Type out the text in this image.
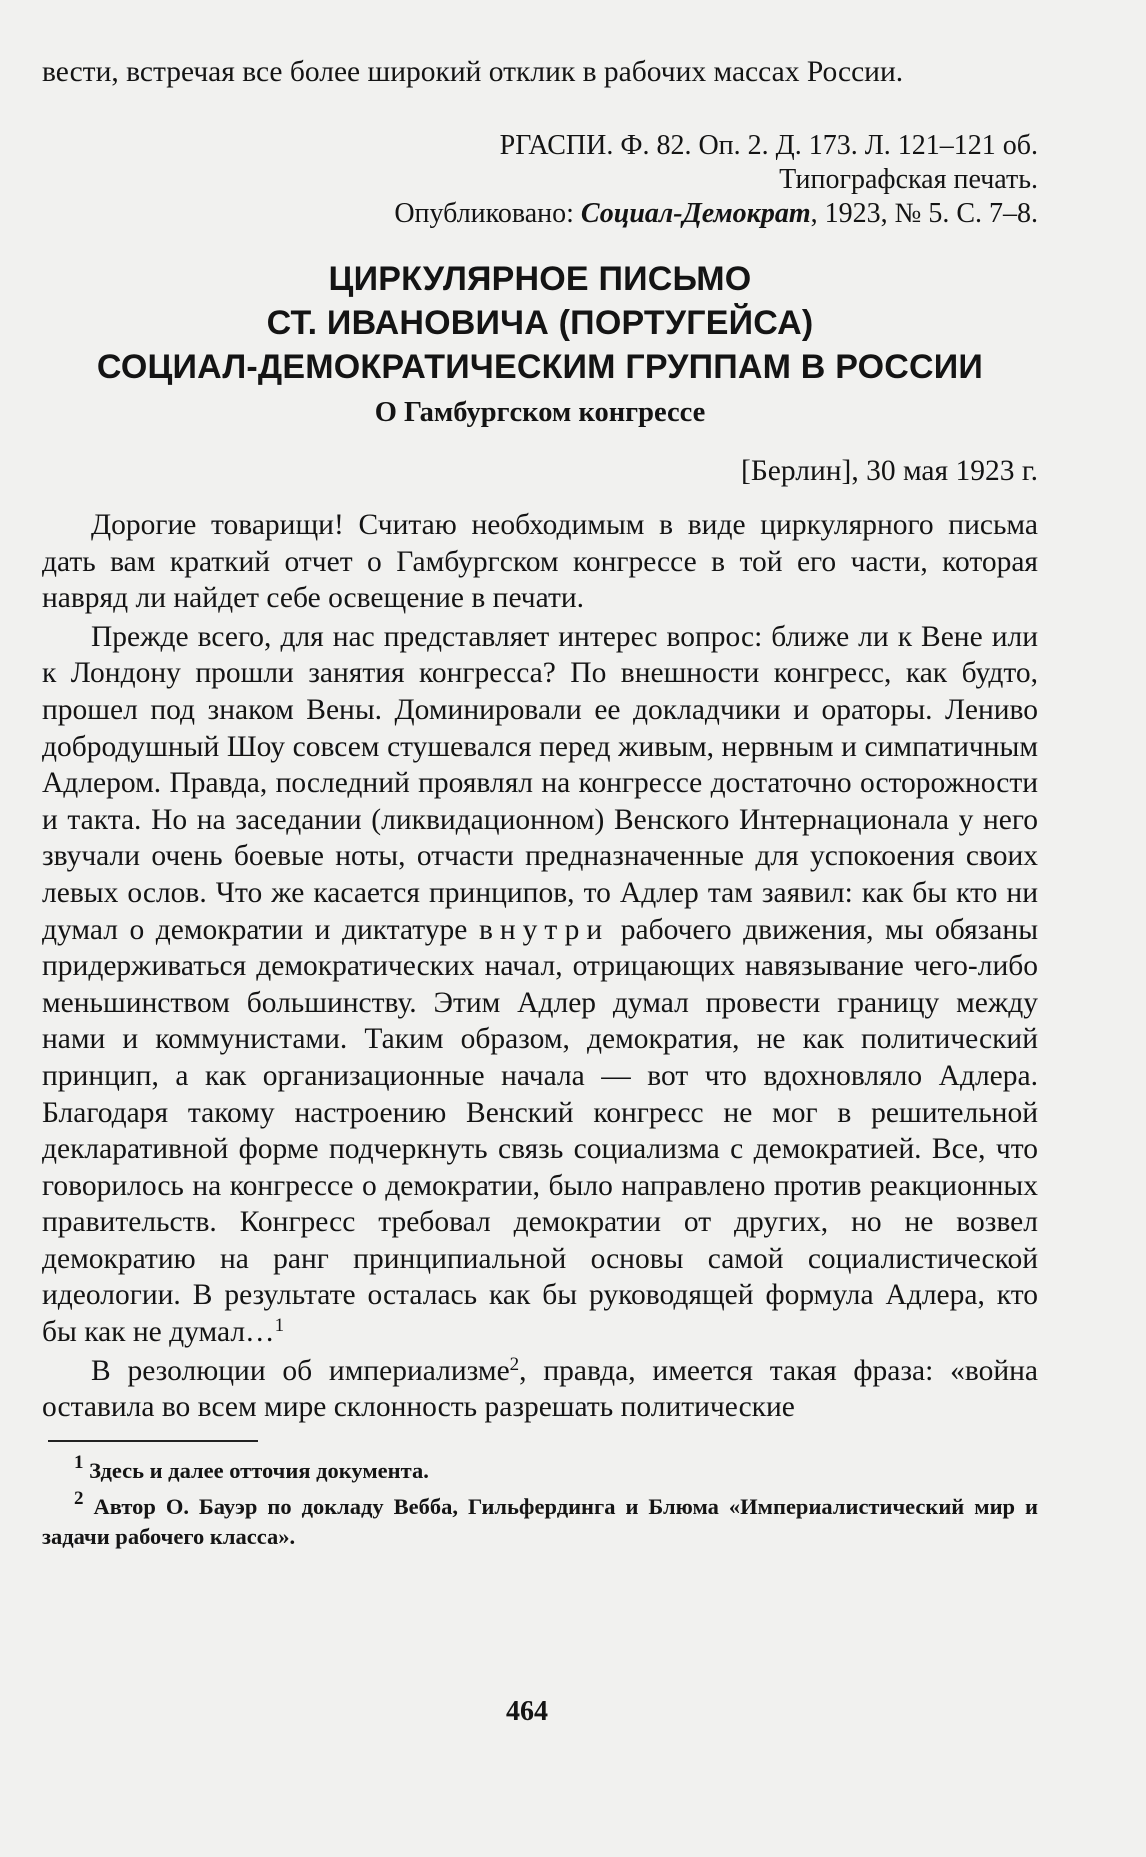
вести, встречая все более широкий отклик в рабочих массах России.

РГАСПИ. Ф. 82. Оп. 2. Д. 173. Л. 121–121 об.
Типографская печать.
Опубликовано: Социал-Демократ, 1923, № 5. С. 7–8.
ЦИРКУЛЯРНОЕ ПИСЬМО
СТ. ИВАНОВИЧА (ПОРТУГЕЙСА)
СОЦИАЛ-ДЕМОКРАТИЧЕСКИМ ГРУППАМ В РОССИИ
О Гамбургском конгрессе
[Берлин], 30 мая 1923 г.

Дорогие товарищи! Считаю необходимым в виде циркулярного письма дать вам краткий отчет о Гамбургском конгрессе в той его части, которая навряд ли найдет себе освещение в печати.

Прежде всего, для нас представляет интерес вопрос: ближе ли к Вене или к Лондону прошли занятия конгресса? По внешности конгресс, как будто, прошел под знаком Вены. Доминировали ее докладчики и ораторы. Лениво добродушный Шоу совсем стушевался перед живым, нервным и симпатичным Адлером. Правда, последний проявлял на конгрессе достаточно осторожности и такта. Но на заседании (ликвидационном) Венского Интернационала у него звучали очень боевые ноты, отчасти предназначенные для успокоения своих левых ослов. Что же касается принципов, то Адлер там заявил: как бы кто ни думал о демократии и диктатуре внутри рабочего движения, мы обязаны придерживаться демократических начал, отрицающих навязывание чего-либо меньшинством большинству. Этим Адлер думал провести границу между нами и коммунистами. Таким образом, демократия, не как политический принцип, а как организационные начала — вот что вдохновляло Адлера. Благодаря такому настроению Венский конгресс не мог в решительной декларативной форме подчеркнуть связь социализма с демократией. Все, что говорилось на конгрессе о демократии, было направлено против реакционных правительств. Конгресс требовал демократии от других, но не возвел демократию на ранг принципиальной основы самой социалистической идеологии. В результате осталась как бы руководящей формула Адлера, кто бы как не думал…$^1$

В резолюции об империализме$^2$, правда, имеется такая фраза: «война оставила во всем мире склонность разрешать политические

$^1$ Здесь и далее отточия документа.

$^2$ Автор О. Бауэр по докладу Вебба, Гильфердинга и Блюма «Империалистический мир и задачи рабочего класса».

464
